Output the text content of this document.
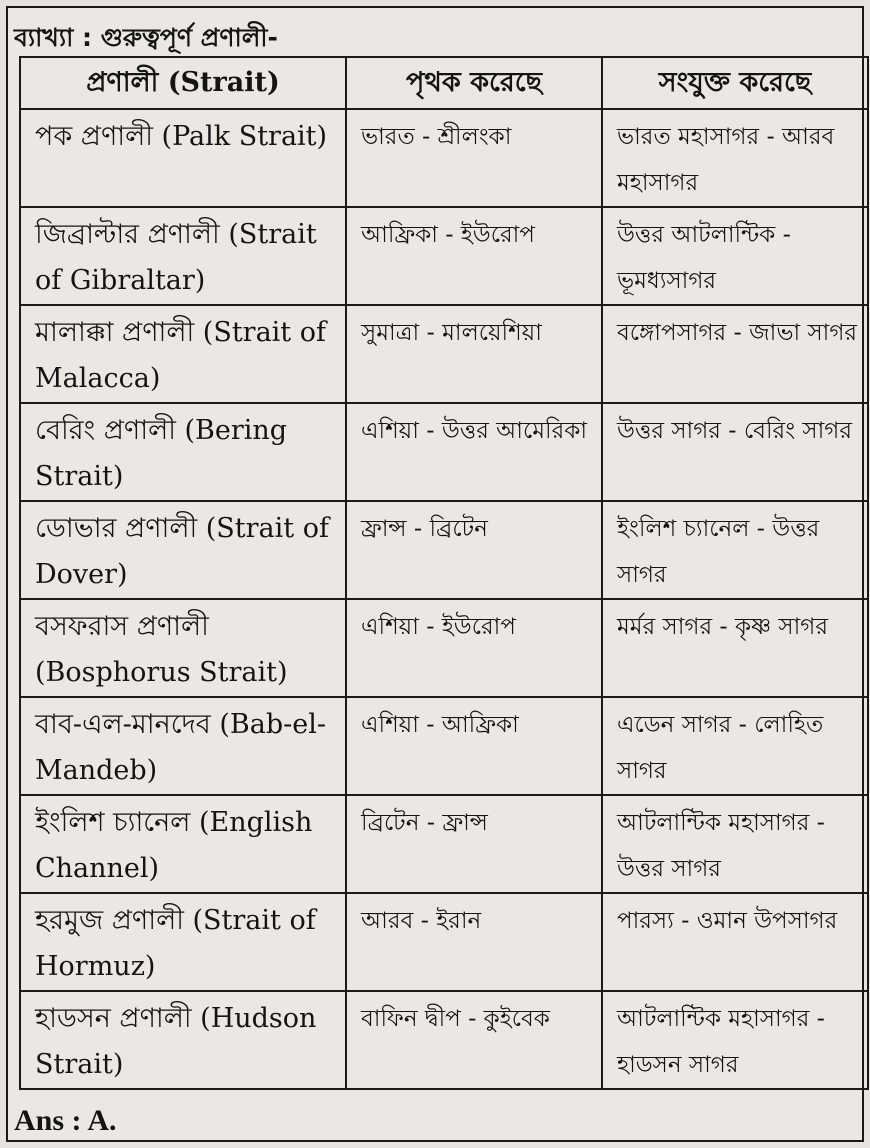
ব্যাখ্যা : গুরুত্বপূর্ণ প্রণালী-
প্রণালী (Strait)	পৃথক করেছে	সংযুক্ত করেছে
পক প্রণালী (Palk Strait)	ভারত - শ্রীলংকা	ভারত মহাসাগর - আরব মহাসাগর
জিব্রাল্টার প্রণালী (Strait of Gibraltar)	আফ্রিকা - ইউরোপ	উত্তর আটলান্টিক - ভূমধ্যসাগর
মালাক্কা প্রণালী (Strait of Malacca)	সুমাত্রা - মালয়েশিয়া	বঙ্গোপসাগর - জাভা সাগর
বেরিং প্রণালী (Bering Strait)	এশিয়া - উত্তর আমেরিকা	উত্তর সাগর - বেরিং সাগর
ডোভার প্রণালী (Strait of Dover)	ফ্রান্স - ব্রিটেন	ইংলিশ চ্যানেল - উত্তর সাগর
বসফরাস প্রণালী (Bosphorus Strait)	এশিয়া - ইউরোপ	মর্মর সাগর - কৃষ্ণ সাগর
বাব-এল-মানদেব (Bab-el-Mandeb)	এশিয়া - আফ্রিকা	এডেন সাগর - লোহিত সাগর
ইংলিশ চ্যানেল (English Channel)	ব্রিটেন - ফ্রান্স	আটলান্টিক মহাসাগর - উত্তর সাগর
হরমুজ প্রণালী (Strait of Hormuz)	আরব - ইরান	পারস্য - ওমান উপসাগর
হাডসন প্রণালী (Hudson Strait)	বাফিন দ্বীপ - কুইবেক	আটলান্টিক মহাসাগর - হাডসন সাগর
Ans : A.
